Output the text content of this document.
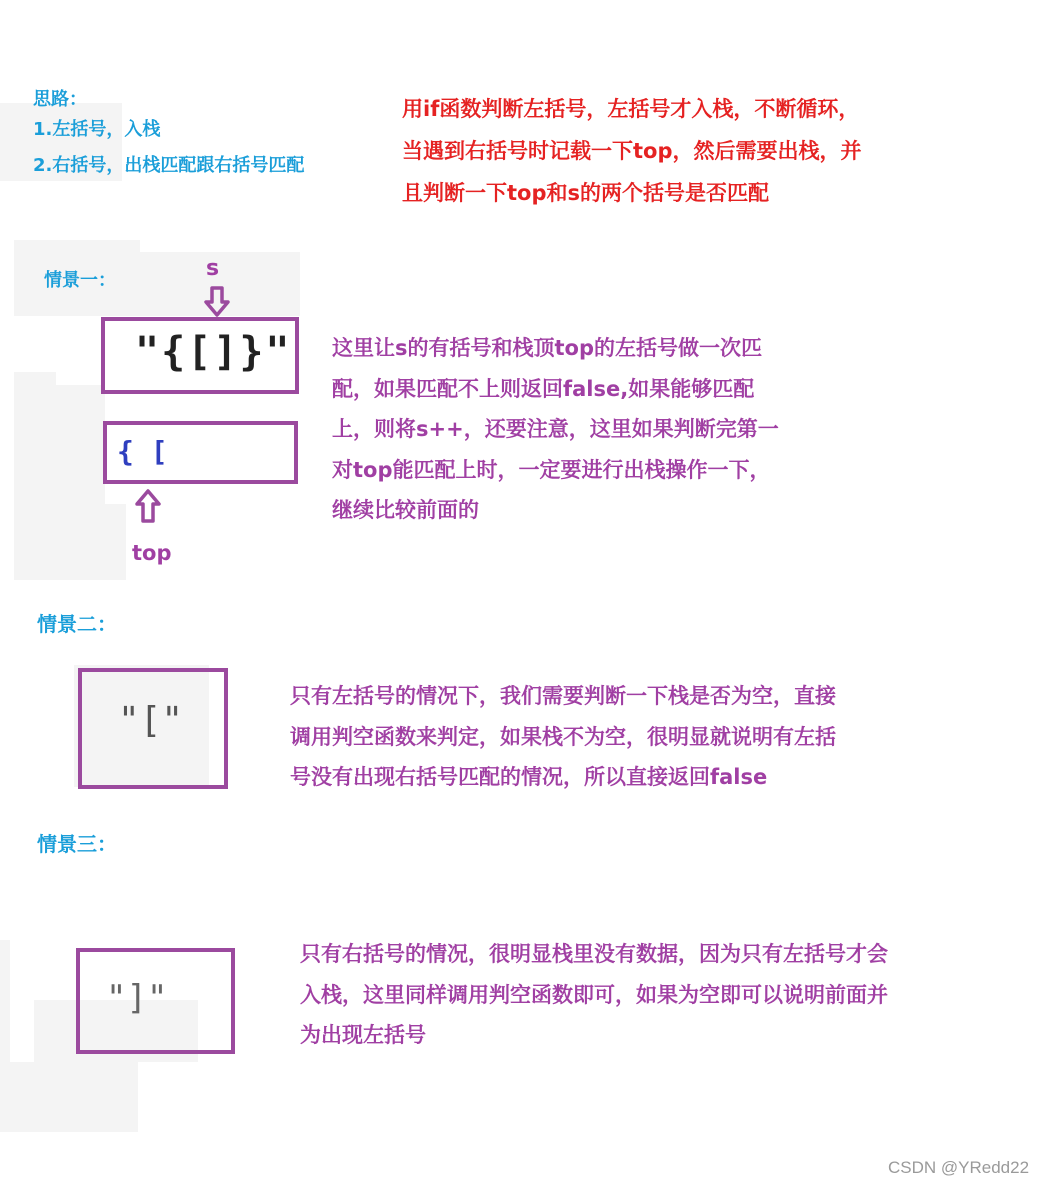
思路：
1.左括号，入栈
2.右括号，出栈匹配跟右括号匹配
用if函数判断左括号，左括号才入栈，不断循环，
当遇到右括号时记载一下top，然后需要出栈，并
且判断一下top和s的两个括号是否匹配
情景一：	s
"{[]}"
{ [
top
这里让s的有括号和栈顶top的左括号做一次匹
配，如果匹配不上则返回false,如果能够匹配
上，则将s++，还要注意，这里如果判断完第一
对top能匹配上时，一定要进行出栈操作一下，
继续比较前面的
情景二：
"["
只有左括号的情况下，我们需要判断一下栈是否为空，直接
调用判空函数来判定，如果栈不为空，很明显就说明有左括
号没有出现右括号匹配的情况，所以直接返回false
情景三：
"]"
只有右括号的情况，很明显栈里没有数据，因为只有左括号才会
入栈，这里同样调用判空函数即可，如果为空即可以说明前面并
为出现左括号
CSDN @YRedd22
